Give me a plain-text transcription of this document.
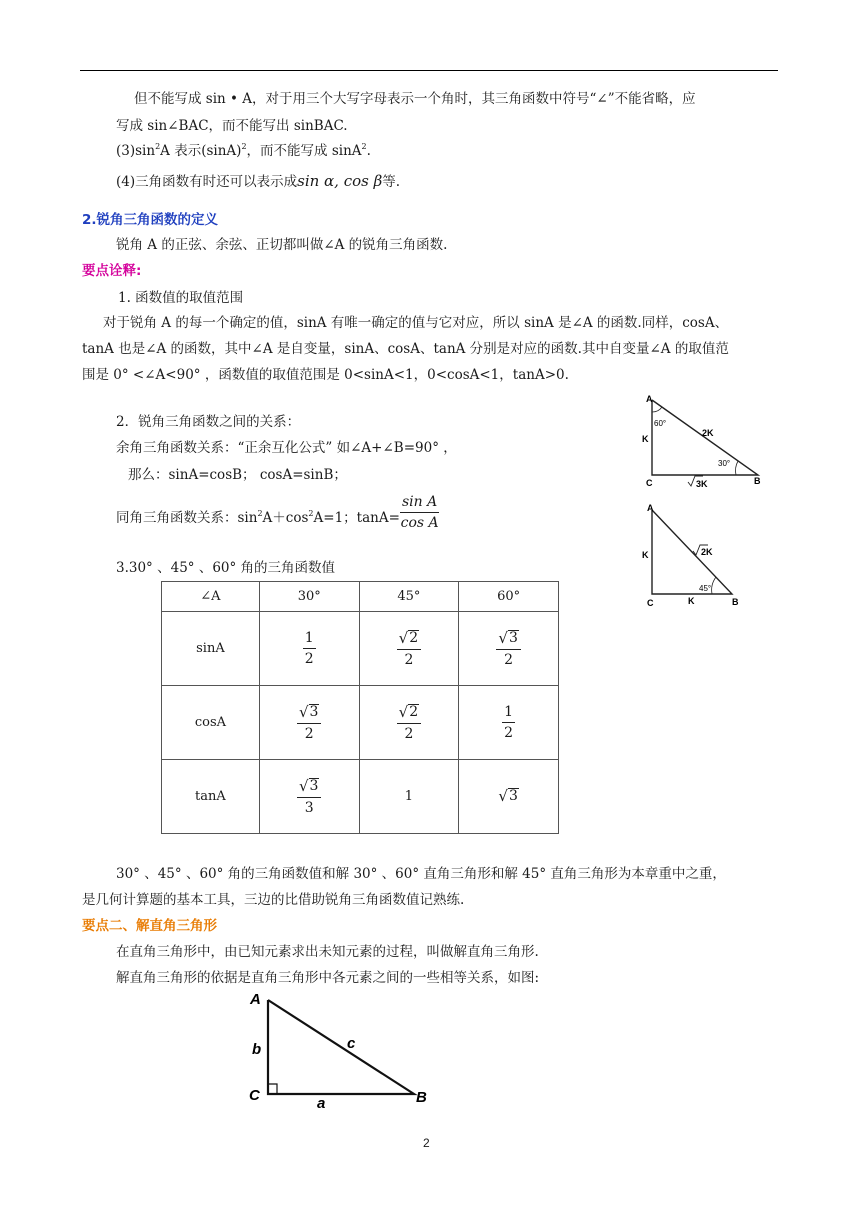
但不能写成 sin • A，对于用三个大写字母表示一个角时，其三角函数中符号“∠”不能省略，应
写成 sin∠BAC，而不能写出 sinBAC.
$(3)\sin^2A$ 表示$(\sin A)^2$，而不能写成 sinA$^2$.
(4)三角函数有时还可以表示成sin α, cos β等.
2.锐角三角函数的定义
锐角 A 的正弦、余弦、正切都叫做∠A 的锐角三角函数.
要点诠释:
1. 函数值的取值范围
对于锐角 A 的每一个确定的值，sinA 有唯一确定的值与它对应，所以 sinA 是∠A 的函数.同样，cosA、
tanA 也是∠A 的函数，其中∠A 是自变量，sinA、cosA、tanA 分别是对应的函数.其中自变量∠A 的取值范
围是 0° <∠A<90° ，函数值的取值范围是 0<sinA<1，0<cosA<1，tanA>0.
2．锐角三角函数之间的关系：
余角三角函数关系：“正余互化公式” 如∠A+∠B=90° ，
那么：sinA=cosB； cosA=sinB；
同角三角函数关系：$\sin^2A+\cos^2A=1$；$\tan A= \frac{\text{sin A}}{\text{cos A}}$
3.30° 、45° 、60° 角的三角函数值
∠A	30°	45°	60°
sinA	$\frac{1}{2}$	$\frac{√ 2}{2}$	$\frac{√ 3}{2}$

cosA	$\frac{√ 3}{2}$	$\frac{√ 2}{2}$	$\frac{1}{2}$

tanA	$\frac{√ 3}{3}$	1	√ 3
30° 、45° 、60° 角的三角函数值和解 30° 、60° 直角三角形和解 45° 直角三角形为本章重中之重，
是几何计算题的基本工具，三边的比借助锐角三角函数值记熟练.
要点二、解直角三角形
在直角三角形中，由已知元素求出未知元素的过程，叫做解直角三角形.
解直角三角形的依据是直角三角形中各元素之间的一些相等关系，如图:
A
60°
K
2K
30°
C	B
3K
A
K	2K
45°
C	K	B
A
b	c
C	a	B
2
